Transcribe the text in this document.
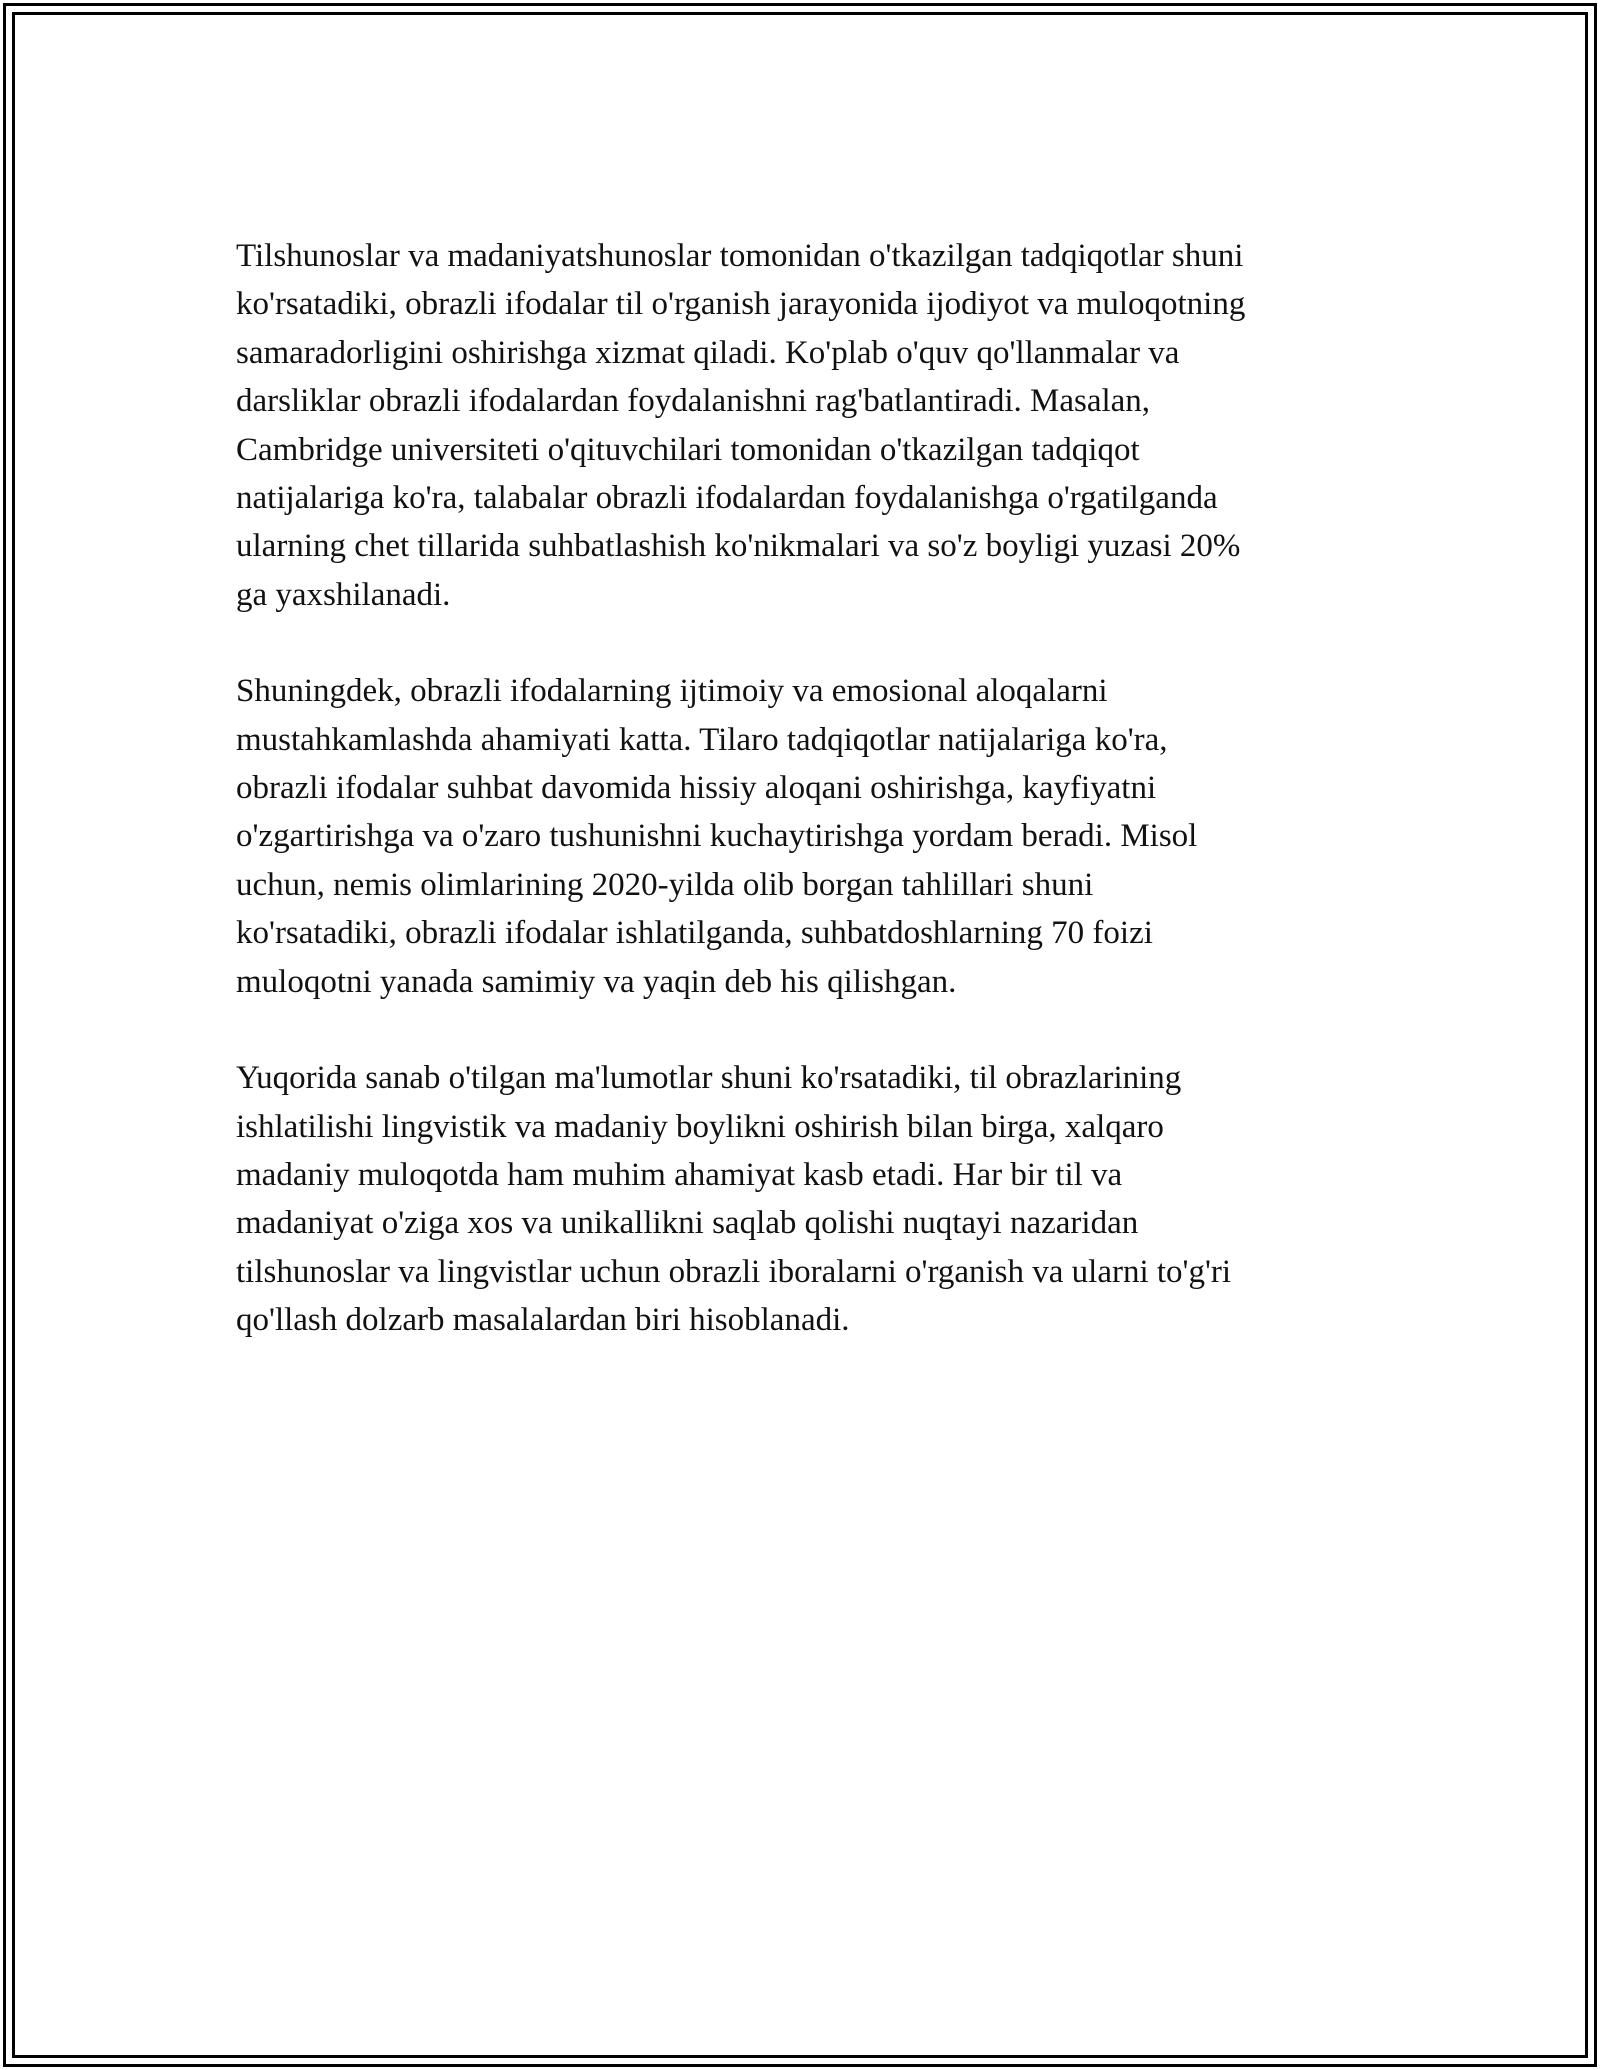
Tilshunoslar va madaniyatshunoslar tomonidan o'tkazilgan tadqiqotlar shuni
ko'rsatadiki, obrazli ifodalar til o'rganish jarayonida ijodiyot va muloqotning
samaradorligini oshirishga xizmat qiladi. Ko'plab o'quv qo'llanmalar va
darsliklar obrazli ifodalardan foydalanishni rag'batlantiradi. Masalan,
Cambridge universiteti o'qituvchilari tomonidan o'tkazilgan tadqiqot
natijalariga ko'ra, talabalar obrazli ifodalardan foydalanishga o'rgatilganda
ularning chet tillarida suhbatlashish ko'nikmalari va so'z boyligi yuzasi 20%
ga yaxshilanadi.

Shuningdek, obrazli ifodalarning ijtimoiy va emosional aloqalarni
mustahkamlashda ahamiyati katta. Tilaro tadqiqotlar natijalariga ko'ra,
obrazli ifodalar suhbat davomida hissiy aloqani oshirishga, kayfiyatni
o'zgartirishga va o'zaro tushunishni kuchaytirishga yordam beradi. Misol
uchun, nemis olimlarining 2020-yilda olib borgan tahlillari shuni
ko'rsatadiki, obrazli ifodalar ishlatilganda, suhbatdoshlarning 70 foizi
muloqotni yanada samimiy va yaqin deb his qilishgan.

Yuqorida sanab o'tilgan ma'lumotlar shuni ko'rsatadiki, til obrazlarining
ishlatilishi lingvistik va madaniy boylikni oshirish bilan birga, xalqaro
madaniy muloqotda ham muhim ahamiyat kasb etadi. Har bir til va
madaniyat o'ziga xos va unikallikni saqlab qolishi nuqtayi nazaridan
tilshunoslar va lingvistlar uchun obrazli iboralarni o'rganish va ularni to'g'ri
qo'llash dolzarb masalalardan biri hisoblanadi.
